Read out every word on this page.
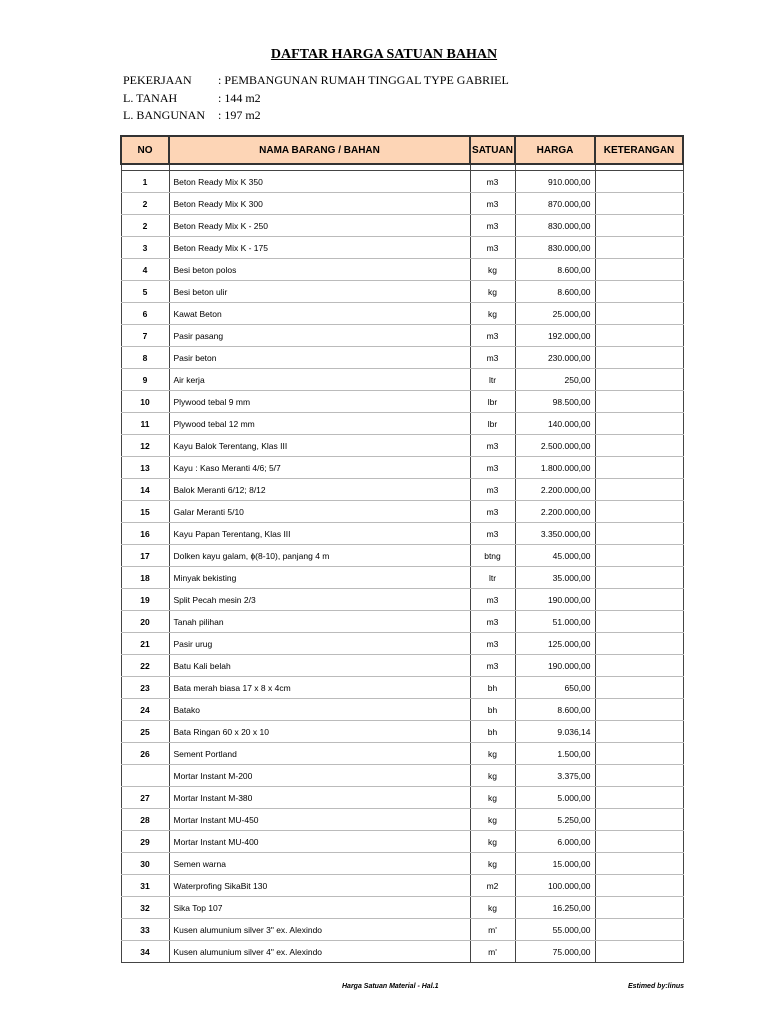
DAFTAR HARGA SATUAN BAHAN
PEKERJAAN : PEMBANGUNAN RUMAH TINGGAL TYPE GABRIEL
L. TANAH	: 144 m2
L. BANGUNAN : 197 m2
NO	NAMA BARANG / BAHAN	SATUAN	HARGA	KETERANGAN

1	Beton Ready Mix K 350	m3	910.000,00	
2	Beton Ready Mix K 300	m3	870.000,00	
2	Beton Ready Mix K - 250	m3	830.000,00	
3	Beton Ready Mix K - 175	m3	830.000,00	
4	Besi beton polos	kg	8.600,00	
5	Besi beton ulir	kg	8.600,00	
6	Kawat Beton	kg	25.000,00	
7	Pasir pasang	m3	192.000,00	
8	Pasir beton	m3	230.000,00	
9	Air kerja	ltr	250,00	
10	Plywood tebal 9 mm	lbr	98.500,00	
11	Plywood tebal 12 mm	lbr	140.000,00	
12	Kayu Balok Terentang, Klas III	m3	2.500.000,00	
13	Kayu : Kaso Meranti 4/6; 5/7	m3	1.800.000,00	
14	Balok Meranti 6/12; 8/12	m3	2.200.000,00	
15	Galar Meranti 5/10	m3	2.200.000,00	
16	Kayu Papan Terentang, Klas III	m3	3.350.000,00	
17	Dolken kayu galam, ɸ(8-10), panjang 4 m	btng	45.000,00	
18	Minyak bekisting	ltr	35.000,00	
19	Split Pecah mesin 2/3	m3	190.000,00	
20	Tanah pilihan	m3	51.000,00	
21	Pasir urug	m3	125.000,00	
22	Batu Kali belah	m3	190.000,00	
23	Bata merah biasa 17 x 8 x 4cm	bh	650,00	
24	Batako	bh	8.600,00	
25	Bata Ringan 60 x 20 x 10	bh	9.036,14	
26	Sement Portland	kg	1.500,00	
	Mortar Instant M-200	kg	3.375,00	
27	Mortar Instant M-380	kg	5.000,00	
28	Mortar Instant MU-450	kg	5.250,00	
29	Mortar Instant MU-400	kg	6.000,00	
30	Semen warna	kg	15.000,00	
31	Waterprofing SikaBit 130	m2	100.000,00	
32	Sika Top 107	kg	16.250,00	
33	Kusen alumunium silver 3" ex. Alexindo	m'	55.000,00	
34	Kusen alumunium silver 4" ex. Alexindo	m'	75.000,00	
Harga Satuan Material - Hal.1	Estimed by:linus
